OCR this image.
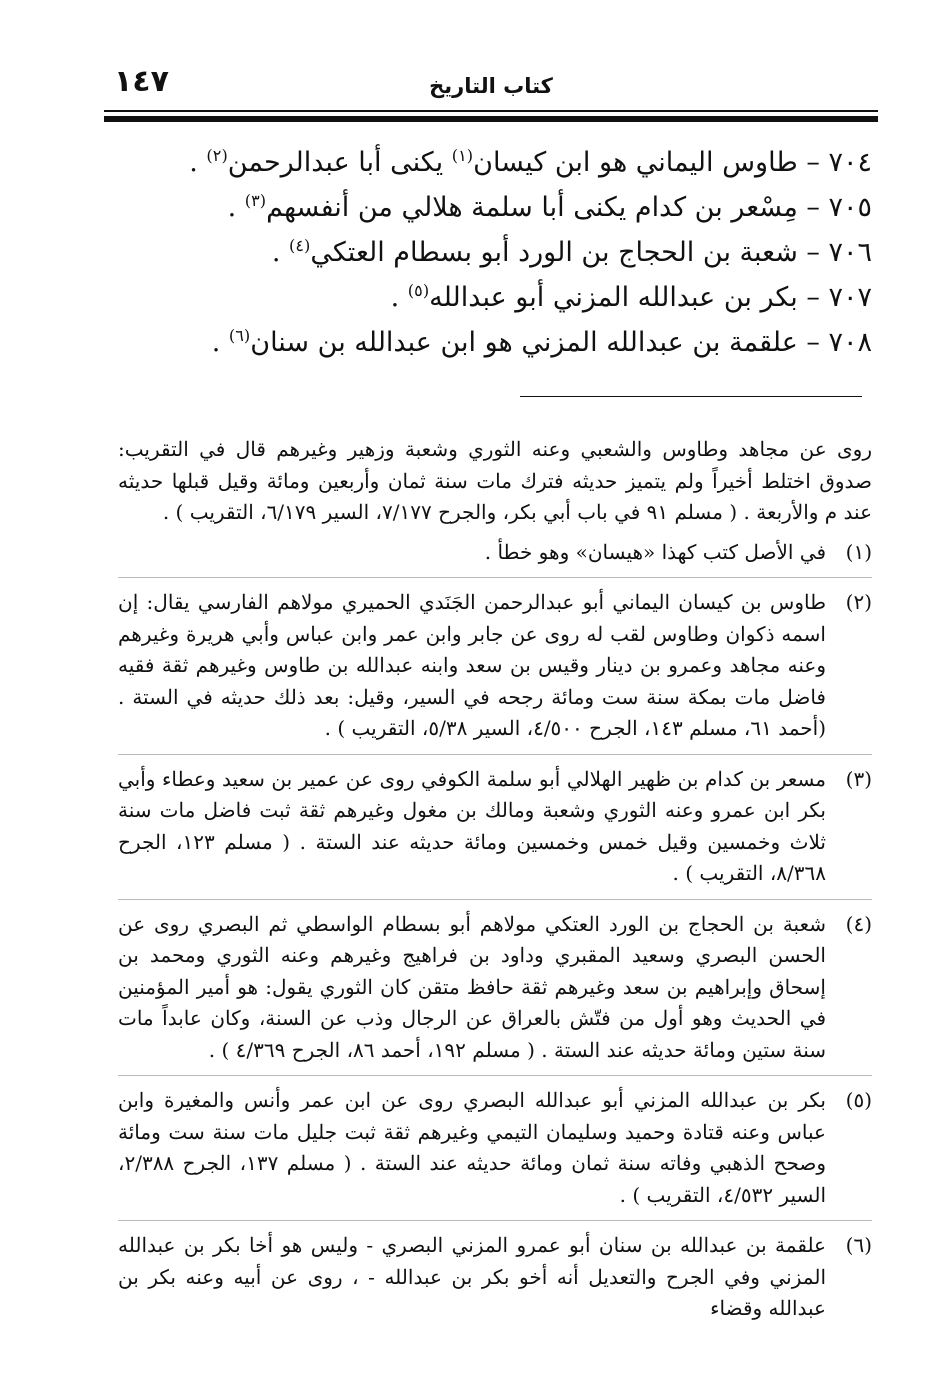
١٤٧	كتاب التاريخ
٧٠٤ – طاوس اليماني هو ابن كيسان$^{(١)}$ يكنى أبا عبدالرحمن$^{(٢)}$ .
٧٠٥ – مِسْعر بن كدام يكنى أبا سلمة هلالي من أنفسهم$^{(٣)}$ .
٧٠٦ – شعبة بن الحجاج بن الورد أبو بسطام العتكي$^{(٤)}$ .
٧٠٧ – بكر بن عبدالله المزني أبو عبدالله$^{(٥)}$ .
٧٠٨ – علقمة بن عبدالله المزني هو ابن عبدالله بن سنان$^{(٦)}$ .
روى عن مجاهد وطاوس والشعبي وعنه الثوري وشعبة وزهير وغيرهم قال في التقريب: صدوق اختلط أخيراً ولم يتميز حديثه فترك مات سنة ثمان وأربعين ومائة وقيل قبلها حديثه عند م والأربعة . ( مسلم ٩١ في باب أبي بكر، والجرح ٧/١٧٧، السير ٦/١٧٩، التقريب ) .
(١)
في الأصل كتب كهذا «هيسان» وهو خطأ .
(٢)
طاوس بن كيسان اليماني أبو عبدالرحمن الجَنَدي الحميري مولاهم الفارسي يقال: إن اسمه ذكوان وطاوس لقب له روى عن جابر وابن عمر وابن عباس وأبي هريرة وغيرهم وعنه مجاهد وعمرو بن دينار وقيس بن سعد وابنه عبدالله بن طاوس وغيرهم ثقة فقيه فاضل مات بمكة سنة ست ومائة رجحه في السير، وقيل: بعد ذلك حديثه في الستة . (أحمد ٦١، مسلم ١٤٣، الجرح ٤/٥٠٠، السير ٥/٣٨، التقريب ) .
(٣)
مسعر بن كدام بن ظهير الهلالي أبو سلمة الكوفي روى عن عمير بن سعيد وعطاء وأبي بكر ابن عمرو وعنه الثوري وشعبة ومالك بن مغول وغيرهم ثقة ثبت فاضل مات سنة ثلاث وخمسين وقيل خمس وخمسين ومائة حديثه عند الستة . ( مسلم ١٢٣، الجرح ٨/٣٦٨، التقريب ) .
(٤)
شعبة بن الحجاج بن الورد العتكي مولاهم أبو بسطام الواسطي ثم البصري روى عن الحسن البصري وسعيد المقبري وداود بن فراهيج وغيرهم وعنه الثوري ومحمد بن إسحاق وإبراهيم بن سعد وغيرهم ثقة حافظ متقن كان الثوري يقول: هو أمير المؤمنين في الحديث وهو أول من فتّش بالعراق عن الرجال وذب عن السنة، وكان عابداً مات سنة ستين ومائة حديثه عند الستة . ( مسلم ١٩٢، أحمد ٨٦، الجرح ٤/٣٦٩ ) .
(٥)
بكر بن عبدالله المزني أبو عبدالله البصري روى عن ابن عمر وأنس والمغيرة وابن عباس وعنه قتادة وحميد وسليمان التيمي وغيرهم ثقة ثبت جليل مات سنة ست ومائة وصحح الذهبي وفاته سنة ثمان ومائة حديثه عند الستة . ( مسلم ١٣٧، الجرح ٢/٣٨٨، السير ٤/٥٣٢، التقريب ) .
(٦)
علقمة بن عبدالله بن سنان أبو عمرو المزني البصري - وليس هو أخا بكر بن عبدالله المزني وفي الجرح والتعديل أنه أخو بكر بن عبدالله - ، روى عن أبيه وعنه بكر بن عبدالله وقضاء
